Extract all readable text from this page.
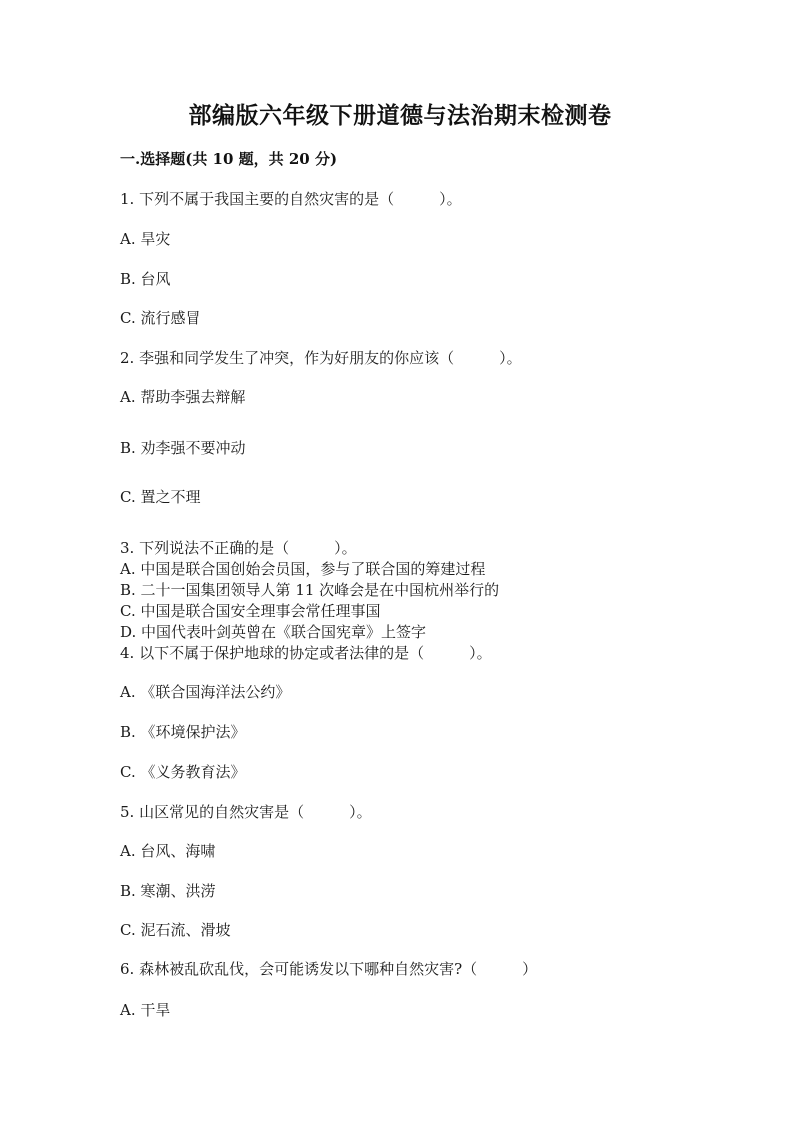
部编版六年级下册道德与法治期末检测卷
一.选择题(共 10 题，共 20 分)
1. 下列不属于我国主要的自然灾害的是（　　　）。
A. 旱灾
B. 台风
C. 流行感冒
2. 李强和同学发生了冲突，作为好朋友的你应该（　　　）。
A. 帮助李强去辩解
B. 劝李强不要冲动
C. 置之不理
3. 下列说法不正确的是（　　　）。
A. 中国是联合国创始会员国，参与了联合国的筹建过程
B. 二十一国集团领导人第 11 次峰会是在中国杭州举行的
C. 中国是联合国安全理事会常任理事国
D. 中国代表叶剑英曾在《联合国宪章》上签字
4. 以下不属于保护地球的协定或者法律的是（　　　）。
A. 《联合国海洋法公约》
B. 《环境保护法》
C. 《义务教育法》
5. 山区常见的自然灾害是（　　　）。
A. 台风、海啸
B. 寒潮、洪涝
C. 泥石流、滑坡
6. 森林被乱砍乱伐，会可能诱发以下哪种自然灾害?（　　　）
A. 干旱
